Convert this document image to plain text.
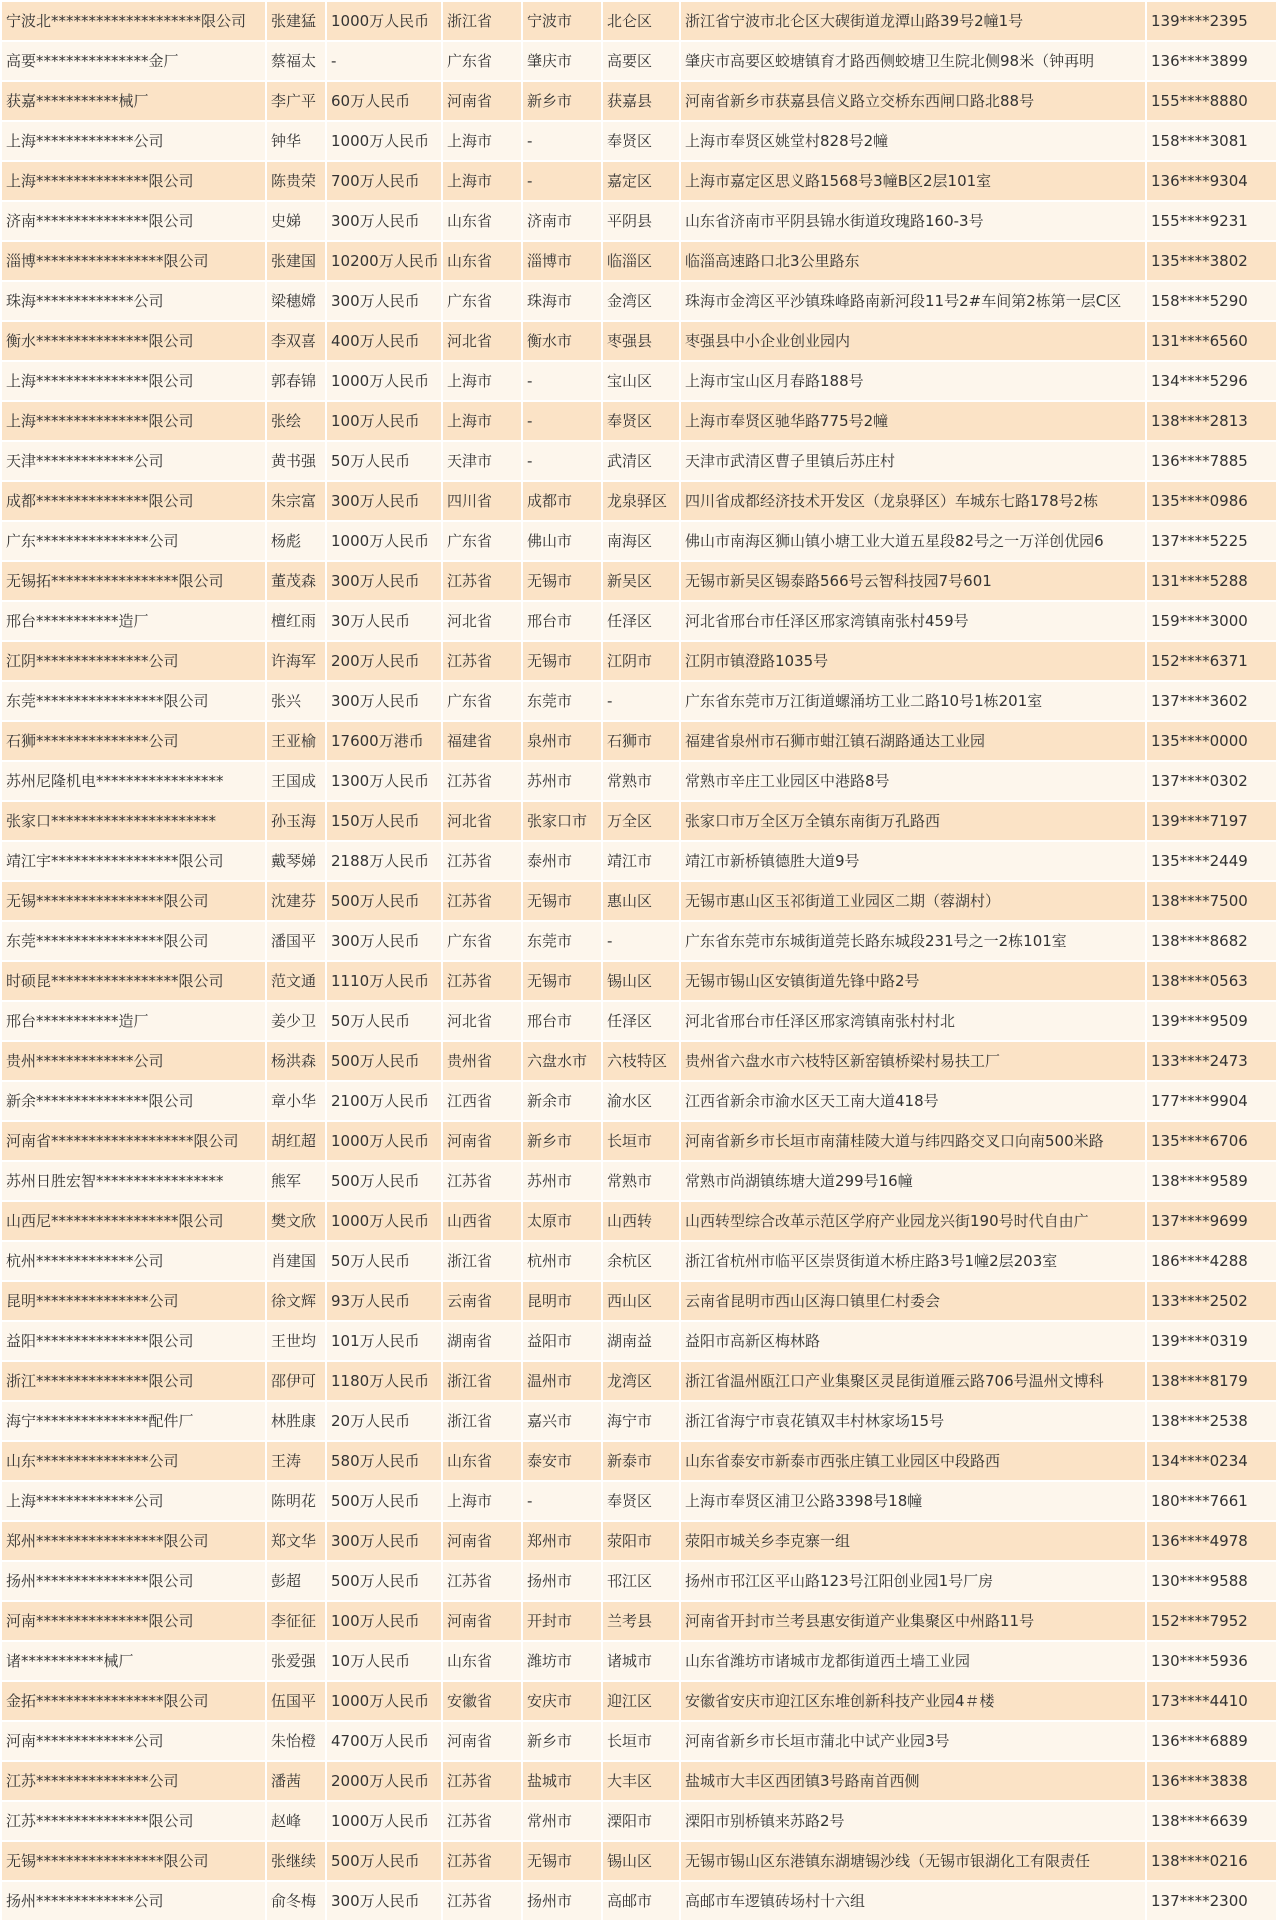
宁波北********************限公司	张建猛	1000万人民币	浙江省	宁波市	北仑区	浙江省宁波市北仑区大碶街道龙潭山路39号2幢1号	139****2395
高要***************金厂	蔡福太	-	广东省	肇庆市	高要区	肇庆市高要区蛟塘镇育才路西侧蛟塘卫生院北侧98米（钟再明	136****3899
获嘉***********械厂	李广平	60万人民币	河南省	新乡市	获嘉县	河南省新乡市获嘉县信义路立交桥东西闸口路北88号	155****8880
上海*************公司	钟华	1000万人民币	上海市	-	奉贤区	上海市奉贤区姚堂村828号2幢	158****3081
上海***************限公司	陈贵荣	700万人民币	上海市	-	嘉定区	上海市嘉定区思义路1568号3幢B区2层101室	136****9304
济南***************限公司	史娣	300万人民币	山东省	济南市	平阴县	山东省济南市平阴县锦水街道玫瑰路160-3号	155****9231
淄博*****************限公司	张建国	10200万人民币	山东省	淄博市	临淄区	临淄高速路口北3公里路东	135****3802
珠海*************公司	梁穗嫦	300万人民币	广东省	珠海市	金湾区	珠海市金湾区平沙镇珠峰路南新河段11号2#车间第2栋第一层C区	158****5290
衡水***************限公司	李双喜	400万人民币	河北省	衡水市	枣强县	枣强县中小企业创业园内	131****6560
上海***************限公司	郭春锦	1000万人民币	上海市	-	宝山区	上海市宝山区月春路188号	134****5296
上海***************限公司	张绘	100万人民币	上海市	-	奉贤区	上海市奉贤区驰华路775号2幢	138****2813
天津*************公司	黄书强	50万人民币	天津市	-	武清区	天津市武清区曹子里镇后苏庄村	136****7885
成都***************限公司	朱宗富	300万人民币	四川省	成都市	龙泉驿区	四川省成都经济技术开发区（龙泉驿区）车城东七路178号2栋	135****0986
广东***************公司	杨彪	1000万人民币	广东省	佛山市	南海区	佛山市南海区狮山镇小塘工业大道五星段82号之一万洋创优园6	137****5225
无锡拓*****************限公司	董茂森	300万人民币	江苏省	无锡市	新吴区	无锡市新吴区锡泰路566号云智科技园7号601	131****5288
邢台***********造厂	檀红雨	30万人民币	河北省	邢台市	任泽区	河北省邢台市任泽区邢家湾镇南张村459号	159****3000
江阴***************公司	许海军	200万人民币	江苏省	无锡市	江阴市	江阴市镇澄路1035号	152****6371
东莞*****************限公司	张兴	300万人民币	广东省	东莞市	-	广东省东莞市万江街道螺涌坊工业二路10号1栋201室	137****3602
石狮***************公司	王亚榆	17600万港币	福建省	泉州市	石狮市	福建省泉州市石狮市蚶江镇石湖路通达工业园	135****0000
苏州尼隆机电*****************	王国成	1300万人民币	江苏省	苏州市	常熟市	常熟市辛庄工业园区中港路8号	137****0302
张家口**********************	孙玉海	150万人民币	河北省	张家口市	万全区	张家口市万全区万全镇东南街万孔路西	139****7197
靖江宇*****************限公司	戴琴娣	2188万人民币	江苏省	泰州市	靖江市	靖江市新桥镇德胜大道9号	135****2449
无锡*****************限公司	沈建芬	500万人民币	江苏省	无锡市	惠山区	无锡市惠山区玉祁街道工业园区二期（蓉湖村）	138****7500
东莞*****************限公司	潘国平	300万人民币	广东省	东莞市	-	广东省东莞市东城街道莞长路东城段231号之一2栋101室	138****8682
时硕昆*****************限公司	范文通	1110万人民币	江苏省	无锡市	锡山区	无锡市锡山区安镇街道先锋中路2号	138****0563
邢台***********造厂	姜少卫	50万人民币	河北省	邢台市	任泽区	河北省邢台市任泽区邢家湾镇南张村村北	139****9509
贵州*************公司	杨洪森	500万人民币	贵州省	六盘水市	六枝特区	贵州省六盘水市六枝特区新窑镇桥梁村易扶工厂	133****2473
新余***************限公司	章小华	2100万人民币	江西省	新余市	渝水区	江西省新余市渝水区天工南大道418号	177****9904
河南省*******************限公司	胡红超	1000万人民币	河南省	新乡市	长垣市	河南省新乡市长垣市南蒲桂陵大道与纬四路交叉口向南500米路	135****6706
苏州日胜宏智*****************	熊军	500万人民币	江苏省	苏州市	常熟市	常熟市尚湖镇练塘大道299号16幢	138****9589
山西尼*****************限公司	樊文欣	1000万人民币	山西省	太原市	山西转	山西转型综合改革示范区学府产业园龙兴街190号时代自由广	137****9699
杭州*************公司	肖建国	50万人民币	浙江省	杭州市	余杭区	浙江省杭州市临平区崇贤街道木桥庄路3号1幢2层203室	186****4288
昆明***************公司	徐文辉	93万人民币	云南省	昆明市	西山区	云南省昆明市西山区海口镇里仁村委会	133****2502
益阳***************限公司	王世均	101万人民币	湖南省	益阳市	湖南益	益阳市高新区梅林路	139****0319
浙江***************限公司	邵伊可	1180万人民币	浙江省	温州市	龙湾区	浙江省温州瓯江口产业集聚区灵昆街道雁云路706号温州文博科	138****8179
海宁***************配件厂	林胜康	20万人民币	浙江省	嘉兴市	海宁市	浙江省海宁市袁花镇双丰村林家场15号	138****2538
山东***************公司	王涛	580万人民币	山东省	泰安市	新泰市	山东省泰安市新泰市西张庄镇工业园区中段路西	134****0234
上海*************公司	陈明花	500万人民币	上海市	-	奉贤区	上海市奉贤区浦卫公路3398号18幢	180****7661
郑州*****************限公司	郑文华	300万人民币	河南省	郑州市	荥阳市	荥阳市城关乡李克寨一组	136****4978
扬州***************限公司	彭超	500万人民币	江苏省	扬州市	邗江区	扬州市邗江区平山路123号江阳创业园1号厂房	130****9588
河南***************限公司	李征征	100万人民币	河南省	开封市	兰考县	河南省开封市兰考县惠安街道产业集聚区中州路11号	152****7952
诸***********械厂	张爱强	10万人民币	山东省	潍坊市	诸城市	山东省潍坊市诸城市龙都街道西土墙工业园	130****5936
金拓*****************限公司	伍国平	1000万人民币	安徽省	安庆市	迎江区	安徽省安庆市迎江区东堆创新科技产业园4＃楼	173****4410
河南*************公司	朱怡橙	4700万人民币	河南省	新乡市	长垣市	河南省新乡市长垣市蒲北中试产业园3号	136****6889
江苏***************公司	潘茜	2000万人民币	江苏省	盐城市	大丰区	盐城市大丰区西团镇3号路南首西侧	136****3838
江苏***************限公司	赵峰	1000万人民币	江苏省	常州市	溧阳市	溧阳市别桥镇来苏路2号	138****6639
无锡*****************限公司	张继续	500万人民币	江苏省	无锡市	锡山区	无锡市锡山区东港镇东湖塘锡沙线（无锡市银湖化工有限责任	138****0216
扬州*************公司	俞冬梅	300万人民币	江苏省	扬州市	高邮市	高邮市车逻镇砖场村十六组	137****2300
